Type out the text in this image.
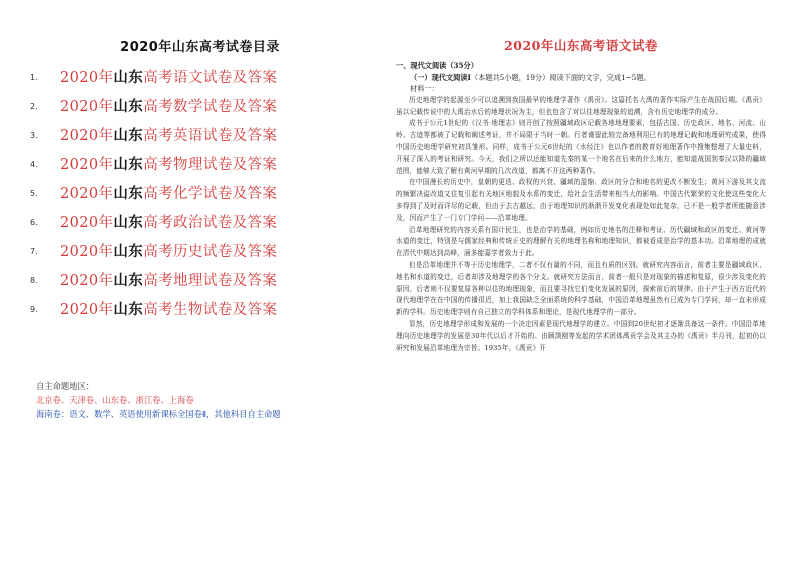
2020年山东高考试卷目录
1. 2020年山东高考语文试卷及答案
2. 2020年山东高考数学试卷及答案
3. 2020年山东高考英语试卷及答案
4. 2020年山东高考物理试卷及答案
5. 2020年山东高考化学试卷及答案
6. 2020年山东高考政治试卷及答案
7. 2020年山东高考历史试卷及答案
8. 2020年山东高考地理试卷及答案
9. 2020年山东高考生物试卷及答案
自主命题地区：
北京卷、天津卷、山东卷、浙江卷、上海卷
海南卷：语文、数学、英语使用新课标全国卷Ⅱ，其他科目自主命题
2020年山东高考语文试卷

一、现代文阅读（35分）

（一）现代文阅读Ⅰ（本题共5小题，19分）阅读下面的文字，完成1~5题。

材料一：

历史地理学的起源至少可以追溯到我国最早的地理学著作《禹贡》。这篇托名大禹的著作实际产生在战国后期。《禹贡》虽以记载传说中的大禹治水后的地理状况为主，但也包含了对以往地理现象的追溯，含有历史地理学的成分。

成书于公元1世纪的《汉书·地理志》则开创了按照疆域政区记载各地地理要素，包括古国、历史政区、地名、河流、山岭、古迹等都被了记载和阐述考证，并不局限于当时一朝。行者谨留此较完备地利用已有的地理记载和地理研究成果，使得中国历史地理学研究初具雏形。同样，成书于公元6世纪的《水经注》也以作者的教育好地理著作中搜集整理了大量史料，开展了深入的考证和研究。今天，我们之所以还能知道先秦的某一个地名在后来的什么地方，能知道战国到秦汉以降的疆域范围，能够大致了解有黄河早期的几次改道，都离不开这两种著作。

在中国漫长的历史中，皇朝的更迭、政权的兴衰、疆域的盈缩、政区的分合和地名的更改不断发生；黄河下游及其支流的频繁决溢改道又往复引起有关地区地貌及水系的变迁，给社会生活带来相当大的影响。中国古代繁荣的文化使这些变化大多得到了及时而详尽的记载，但由于去古越远，由于地理知识的渐渐开发变化表现处如此复杂，已不是一般学者所能随意涉及，因而产生了一门专门学问——沿革地理。

沿革地理研究的内容关系有国计民生，也是治学的基础，例如历史地名的注释和考证、历代疆域和政区的变迁、黄河等水道的变迁，特别是与儒家经典和传统正史的理解有关的地理名称和地理知识，都被看成是治学的基本功。沿革地理的成就在清代中期达到高峰，涌多能嘉学者致力于此。

但是沿革地理并不等于历史地理学，二者不仅有量的不同，而且有质的区别。就研究内容而言，前者主要是疆域政区、地名和水道的变迁，后者却涉及地理学的各个分支。就研究方法而言，前者一般只是对现象的描述和复原，很少涉及变化的原因，后者则不仅要复原各种以往的地理现象，而且要寻找它们变化发展的原因，探索前后的规律。由于产生于西方近代的现代地理学在在中国的传播很迟，加上我国缺乏全面系统的科学基础，中国沿革地理虽然有已成为专门学问，却一直未形成新的学科。历史地理学则有自己独立的学科体系和理论，是现代地理学的一部分。

显然，历史地理学形成和发展的一个决定因素是现代地理学的建立。中国到20世纪初才逐渐具备这一条件。中国沿革地理向历史地理学的发展是30年代以后才开始的。由顾颉刚等发起的学术团体禹贡学会及其主办的《禹贡》半月刊，起初仍以研究和发展沿革地理为宗旨。1935年，《禹贡》开
